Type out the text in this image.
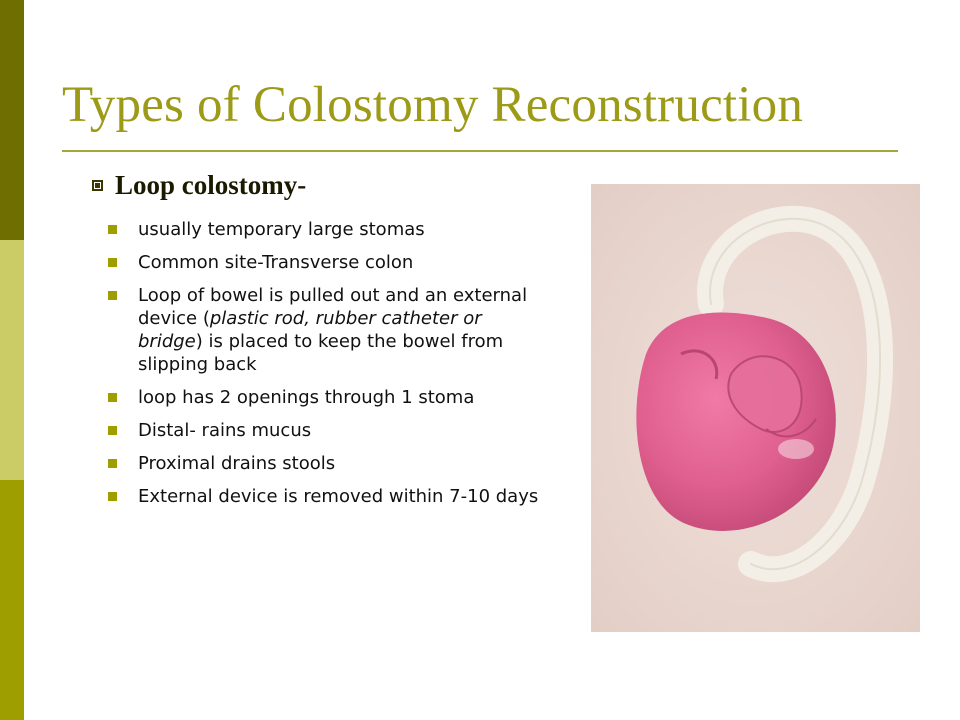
Types of Colostomy Reconstruction
Loop colostomy-
usually temporary large stomas
Common site-Transverse colon
Loop of bowel is pulled out and an external device (plastic rod, rubber catheter or bridge) is placed to keep the bowel from slipping back
loop has 2 openings through 1 stoma
Distal- rains mucus
Proximal drains stools
External device is removed within 7-10 days
